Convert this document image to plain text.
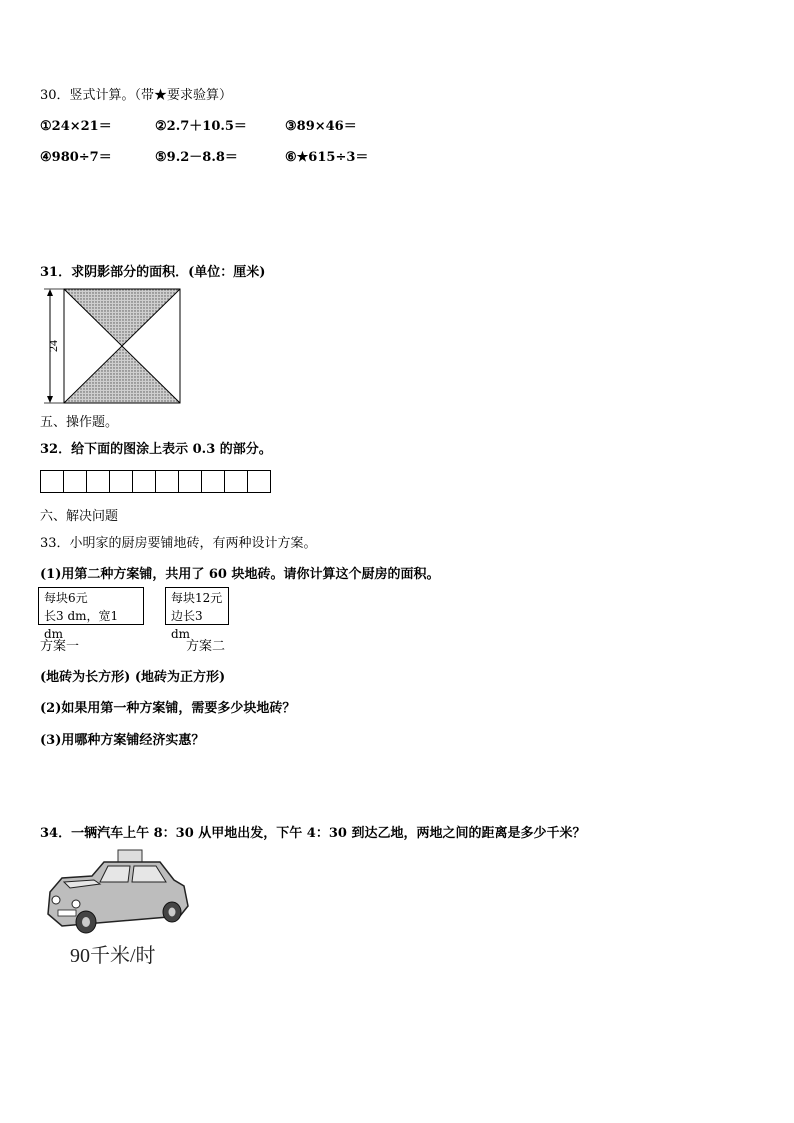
30．竖式计算。（带★要求验算）
①24×21＝	②2.7＋10.5＝	③89×46＝
④980÷7＝	⑤9.2－8.8＝	⑥★615÷3＝
31．求阴影部分的面积．(单位：厘米)
24
五、操作题。
32．给下面的图涂上表示 0.3 的部分。
六、解决问题
33．小明家的厨房要铺地砖，有两种设计方案。
(1)用第二种方案铺，共用了 60 块地砖。请你计算这个厨房的面积。
每块6元
长3 dm，宽1 dm
每块12元
边长3 dm
方案一	方案二
(地砖为长方形) (地砖为正方形)
(2)如果用第一种方案铺，需要多少块地砖？
(3)用哪种方案铺经济实惠？
34．一辆汽车上午 8：30 从甲地出发，下午 4：30 到达乙地，两地之间的距离是多少千米？
90千米/时
